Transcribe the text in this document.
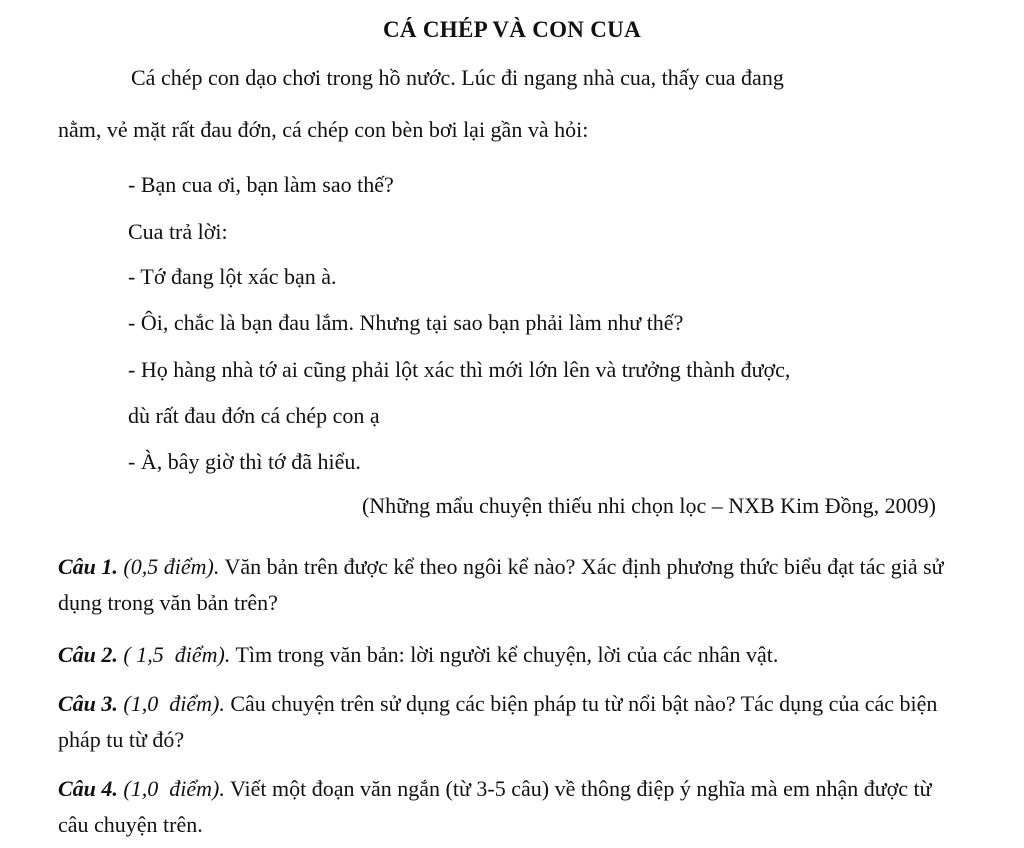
CÁ CHÉP VÀ CON CUA
Cá chép con dạo chơi trong hồ nước. Lúc đi ngang nhà cua, thấy cua đang
nằm, vẻ mặt rất đau đớn, cá chép con bèn bơi lại gần và hỏi:
- Bạn cua ơi, bạn làm sao thế?
Cua trả lời:
- Tớ đang lột xác bạn à.
- Ôi, chắc là bạn đau lắm. Nhưng tại sao bạn phải làm như thế?
- Họ hàng nhà tớ ai cũng phải lột xác thì mới lớn lên và trưởng thành được,
dù rất đau đớn cá chép con ạ
- À, bây giờ thì tớ đã hiểu.
(Những mẩu chuyện thiếu nhi chọn lọc – NXB Kim Đồng, 2009)
Câu 1. (0,5 điểm). Văn bản trên được kể theo ngôi kể nào? Xác định phương thức biểu đạt tác giả sử dụng trong văn bản trên?
Câu 2. ( 1,5  điểm). Tìm trong văn bản: lời người kể chuyện, lời của các nhân vật.
Câu 3. (1,0  điểm). Câu chuyện trên sử dụng các biện pháp tu từ nổi bật nào? Tác dụng của các biện pháp tu từ đó?
Câu 4. (1,0  điểm). Viết một đoạn văn ngắn (từ 3-5 câu) về thông điệp ý nghĩa mà em nhận được từ câu chuyện trên.
